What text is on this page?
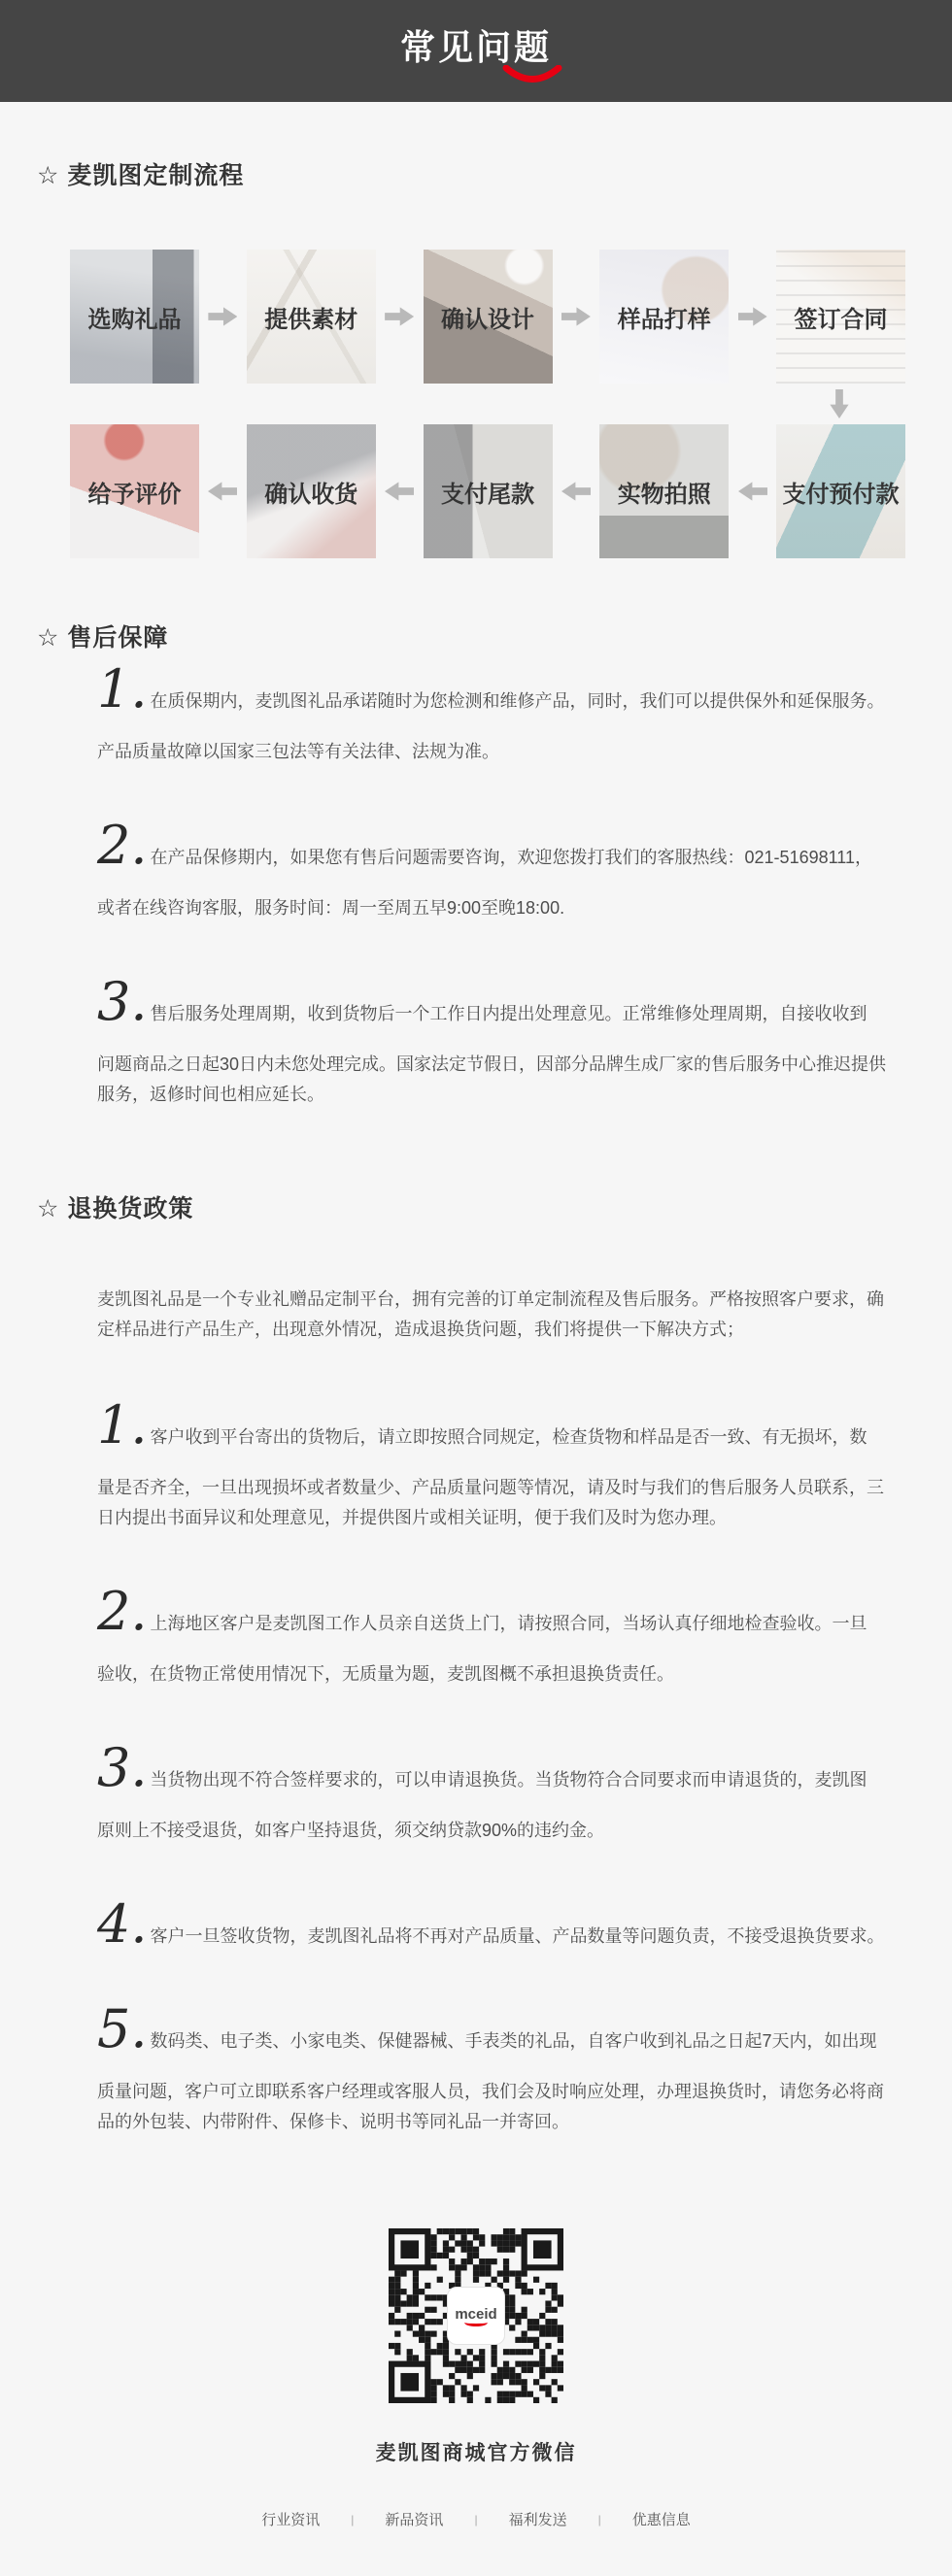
常见问题
☆ 麦凯图定制流程
选购礼品	提供素材	确认设计	样品打样	签订合同
给予评价	确认收货	支付尾款	实物拍照	支付预付款
☆ 售后保障

1. 在质保期内，麦凯图礼品承诺随时为您检测和维修产品，同时，我们可以提供保外和延保服务。

产品质量故障以国家三包法等有关法律、法规为准。

2. 在产品保修期内，如果您有售后问题需要咨询，欢迎您拨打我们的客服热线：021-51698111，

或者在线咨询客服，服务时间：周一至周五早9:00至晚18:00.

3. 售后服务处理周期，收到货物后一个工作日内提出处理意见。正常维修处理周期，自接收收到

问题商品之日起30日内未您处理完成。国家法定节假日，因部分品牌生成厂家的售后服务中心推迟提供服务，返修时间也相应延长。

☆ 退换货政策

麦凯图礼品是一个专业礼赠品定制平台，拥有完善的订单定制流程及售后服务。严格按照客户要求，确定样品进行产品生产，出现意外情况，造成退换货问题，我们将提供一下解决方式；

1. 客户收到平台寄出的货物后，请立即按照合同规定，检查货物和样品是否一致、有无损坏，数

量是否齐全，一旦出现损坏或者数量少、产品质量问题等情况，请及时与我们的售后服务人员联系，三日内提出书面异议和处理意见，并提供图片或相关证明，便于我们及时为您办理。

2. 上海地区客户是麦凯图工作人员亲自送货上门，请按照合同，当场认真仔细地检查验收。一旦

验收，在货物正常使用情况下，无质量为题，麦凯图概不承担退换货责任。

3. 当货物出现不符合签样要求的，可以申请退换货。当货物符合合同要求而申请退货的，麦凯图

原则上不接受退货，如客户坚持退货，须交纳贷款90%的违约金。

4. 客户一旦签收货物，麦凯图礼品将不再对产品质量、产品数量等问题负责，不接受退换货要求。

5. 数码类、电子类、小家电类、保健器械、手表类的礼品，自客户收到礼品之日起7天内，如出现

质量问题，客户可立即联系客户经理或客服人员，我们会及时响应处理，办理退换货时，请您务必将商品的外包装、内带附件、保修卡、说明书等同礼品一并寄回。

mceid
麦凯图商城官方微信
行业资讯	| 新品资讯	| 福利发送	| 优惠信息
